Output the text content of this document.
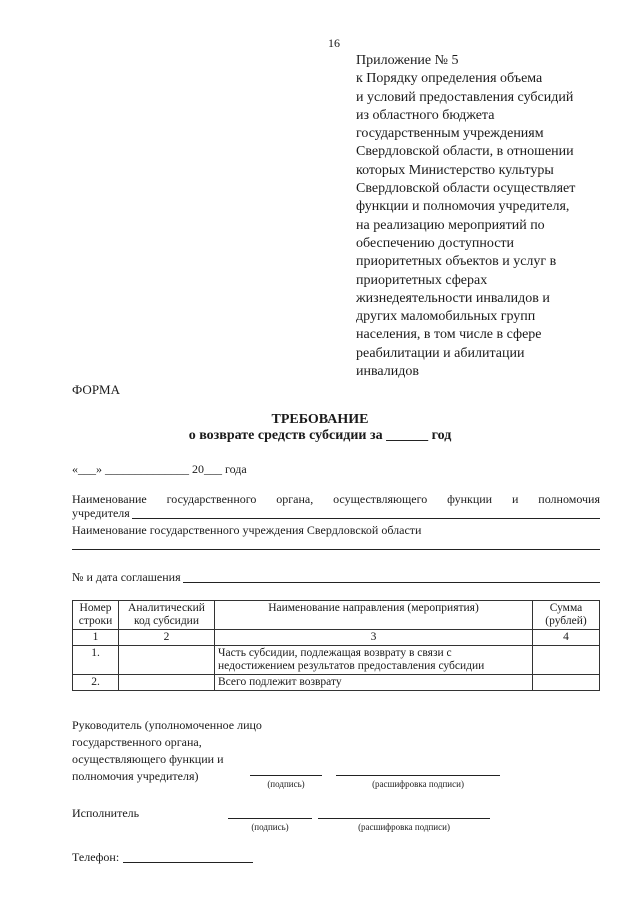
16
Приложение № 5
к Порядку определения объема
и условий предоставления субсидий
из областного бюджета
государственным учреждениям
Свердловской области, в отношении
которых Министерство культуры
Свердловской области осуществляет
функции и полномочия учредителя,
на реализацию мероприятий по
обеспечению доступности
приоритетных объектов и услуг в
приоритетных сферах
жизнедеятельности инвалидов и
других маломобильных групп
населения, в том числе в сфере
реабилитации и абилитации
инвалидов
ФОРМА
ТРЕБОВАНИЕ
о возврате средств субсидии за ______ год
«___» ______________ 20___ года
Наименование государственного органа, осуществляющего функции и полномочия
учредителя
Наименование государственного учреждения Свердловской области
№ и дата соглашения
Номер строки	Аналитический код субсидии	Наименование направления (мероприятия)	Сумма (рублей)
1	2	3	4
1.		Часть субсидии, подлежащая возврату в связи с недостижением результатов предоставления субсидии	
2.		Всего подлежит возврату	
Руководитель (уполномоченное лицо
государственного органа,
осуществляющего функции и
полномочия учредителя)
(подпись)	(расшифровка подписи)
Исполнитель
(подпись)	(расшифровка подписи)
Телефон:
